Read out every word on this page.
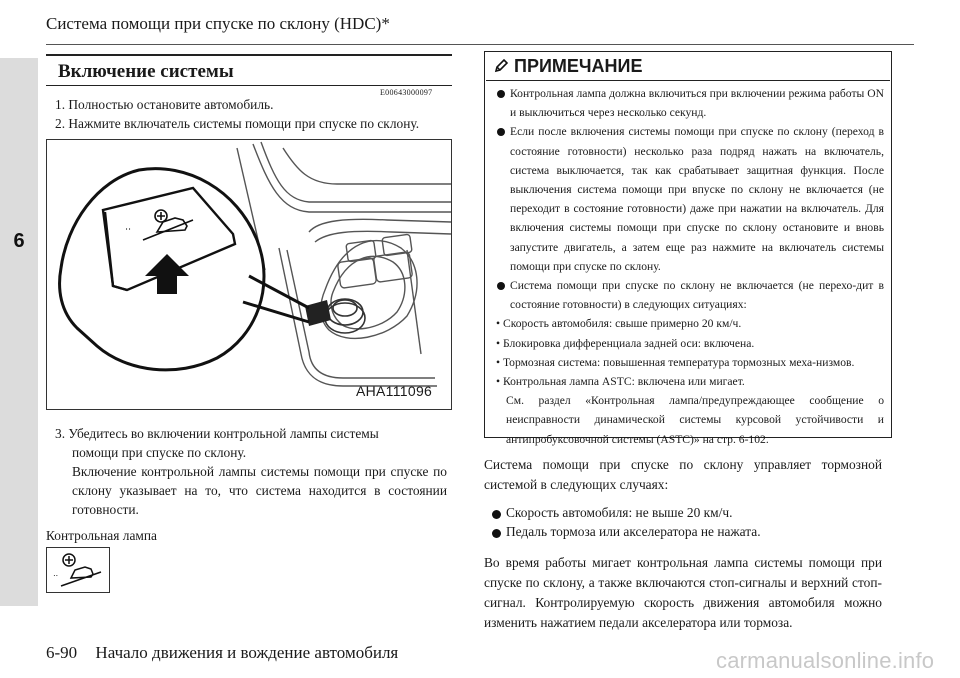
Система помощи при спуске по склону (HDC)*
6
Включение системы
E00643000097
1. Полностью остановите автомобиль.
2. Нажмите включатель системы помощи при спуске по склону.
∙∙
AHA111096
3. Убедитесь во включении контрольной лампы системы
помощи при спуске по склону.
Включение контрольной лампы системы помощи при спуске по склону указывает на то, что система находится в состоянии готовности.
Контрольная лампа
∙∙
ПРИМЕЧАНИЕ
Контрольная лампа должна включиться при включении режима работы ON и выключиться через несколько секунд.
Если после включения системы помощи при спуске по склону (переход в состояние готовности) несколько раза подряд нажать на включатель, система выключается, так как срабатывает защитная функция. После выключения система помощи при впуске по склону не включается (не переходит в состояние готовности) даже при нажатии на включатель. Для включения системы помощи при спуске по склону остановите и вновь запустите двигатель, а затем еще раз нажмите на включатель системы помощи при спуске по склону.
Система помощи при спуске по склону не включается (не перехо-дит в состояние готовности) в следующих ситуациях:
• Скорость автомобиля: свыше примерно 20 км/ч.
• Блокировка дифференциала задней оси: включена.
• Тормозная система: повышенная температура тормозных меха-низмов.
• Контрольная лампа ASTC: включена или мигает.
См. раздел «Контрольная лампа/предупреждающее сообщение о неисправности динамической системы курсовой устойчивости и антипробуксовочной системы (ASTC)» на стр. 6-102.
Система помощи при спуске по склону управляет тормозной системой в следующих случаях:
Скорость автомобиля: не выше 20 км/ч.
Педаль тормоза или акселератора не нажата.
Во время работы мигает контрольная лампа системы помощи при спуске по склону, а также включаются стоп-сигналы и верхний стоп-сигнал. Контролируемую скорость движения автомобиля можно изменить нажатием педали акселератора или тормоза.
6-90 Начало движения и вождение автомобиля	carmanualsonline.info
